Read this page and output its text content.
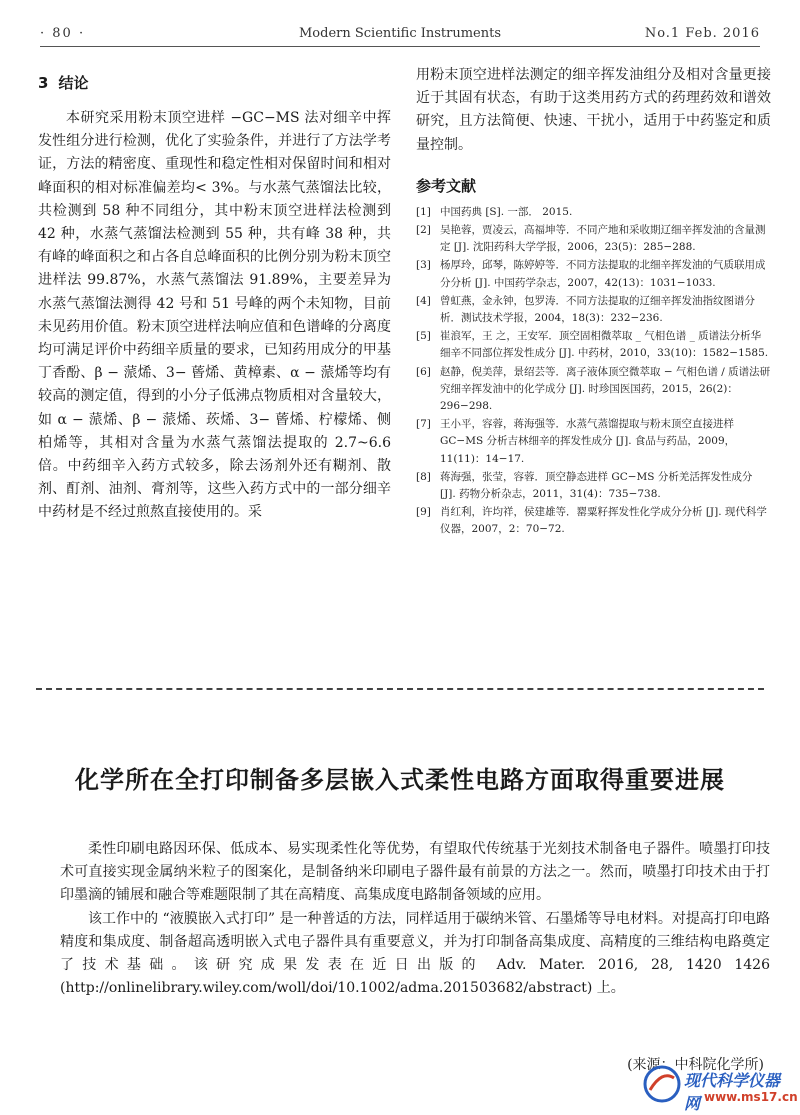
· 80 ·	Modern Scientific Instruments	No.1 Feb. 2016
3 结论

本研究采用粉末顶空进样 −GC−MS 法对细辛中挥发性组分进行检测，优化了实验条件，并进行了方法学考证，方法的精密度、重现性和稳定性相对保留时间和相对峰面积的相对标准偏差均< 3%。与水蒸气蒸馏法比较，共检测到 58 种不同组分，其中粉末顶空进样法检测到 42 种，水蒸气蒸馏法检测到 55 种，共有峰 38 种，共有峰的峰面积之和占各自总峰面积的比例分别为粉末顶空进样法 99.87%，水蒸气蒸馏法 91.89%，主要差异为水蒸气蒸馏法测得 42 号和 51 号峰的两个未知物，目前未见药用价值。粉末顶空进样法响应值和色谱峰的分离度均可满足评价中药细辛质量的要求，已知药用成分的甲基丁香酚、β − 蒎烯、3− 蒈烯、黄樟素、α − 蒎烯等均有较高的测定值，得到的小分子低沸点物质相对含量较大，如 α − 蒎烯、β − 蒎烯、莰烯、3− 蒈烯、柠檬烯、侧柏烯等，其相对含量为水蒸气蒸馏法提取的 2.7~6.6 倍。中药细辛入药方式较多，除去汤剂外还有糊剂、散剂、酊剂、油剂、膏剂等，这些入药方式中的一部分细辛中药材是不经过煎熬直接使用的。采

用粉末顶空进样法测定的细辛挥发油组分及相对含量更接近于其固有状态，有助于这类用药方式的药理药效和谱效研究，且方法简便、快速、干扰小，适用于中药鉴定和质量控制。

参考文献
[1] 中国药典 [S]. 一部． 2015.
[2] 吴艳蓉，贾凌云，高福坤等．不同产地和采收期辽细辛挥发油的含量测定 [J]. 沈阳药科大学学报，2006，23(5)：285−288.
[3] 杨厚玲，邱琴，陈婷婷等．不同方法提取的北细辛挥发油的气质联用成分分析 [J]. 中国药学杂志，2007，42(13)：1031−1033.
[4] 曾虹燕，金永钟，包罗涛．不同方法提取的辽细辛挥发油指纹图谱分析．测试技术学报，2004，18(3)：232−236.
[5] 崔浪军，王 之，王安军．顶空固相微萃取 _ 气相色谱 _ 质谱法分析华细辛不同部位挥发性成分 [J]. 中药材，2010，33(10)：1582−1585.
[6] 赵静，倪美萍，景绍芸等．离子液体顶空微萃取 − 气相色谱 / 质谱法研究细辛挥发油中的化学成分 [J]. 时珍国医国药，2015，26(2)：296−298.
[7] 王小平，容蓉，蒋海强等．水蒸气蒸馏提取与粉末顶空直接进样 GC−MS 分析吉林细辛的挥发性成分 [J]. 食品与药品，2009，11(11)：14−17.
[8] 蒋海强，张莹，容蓉．顶空静态进样 GC−MS 分析羌活挥发性成分 [J]. 药物分析杂志，2011，31(4)：735−738.
[9] 肖红利，许均祥，侯建雄等．罂粟籽挥发性化学成分分析 [J]. 现代科学仪器，2007，2：70−72.
化学所在全打印制备多层嵌入式柔性电路方面取得重要进展

柔性印刷电路因环保、低成本、易实现柔性化等优势，有望取代传统基于光刻技术制备电子器件。喷墨打印技术可直接实现金属纳米粒子的图案化，是制备纳米印刷电子器件最有前景的方法之一。然而，喷墨打印技术由于打印墨滴的铺展和融合等难题限制了其在高精度、高集成度电路制备领域的应用。

该工作中的 “液膜嵌入式打印” 是一种普适的方法，同样适用于碳纳米管、石墨烯等导电材料。对提高打印电路精度和集成度、制备超高透明嵌入式电子器件具有重要意义，并为打印制备高集成度、高精度的三维结构电路奠定了技术基础。该研究成果发表在近日出版的 Adv. Mater. 2016, 28, 1420 1426 (http://onlinelibrary.wiley.com/woll/doi/10.1002/adma.201503682/abstract) 上。

(来源：中科院化学所)
现代科学仪器网 www.ms17.cn
